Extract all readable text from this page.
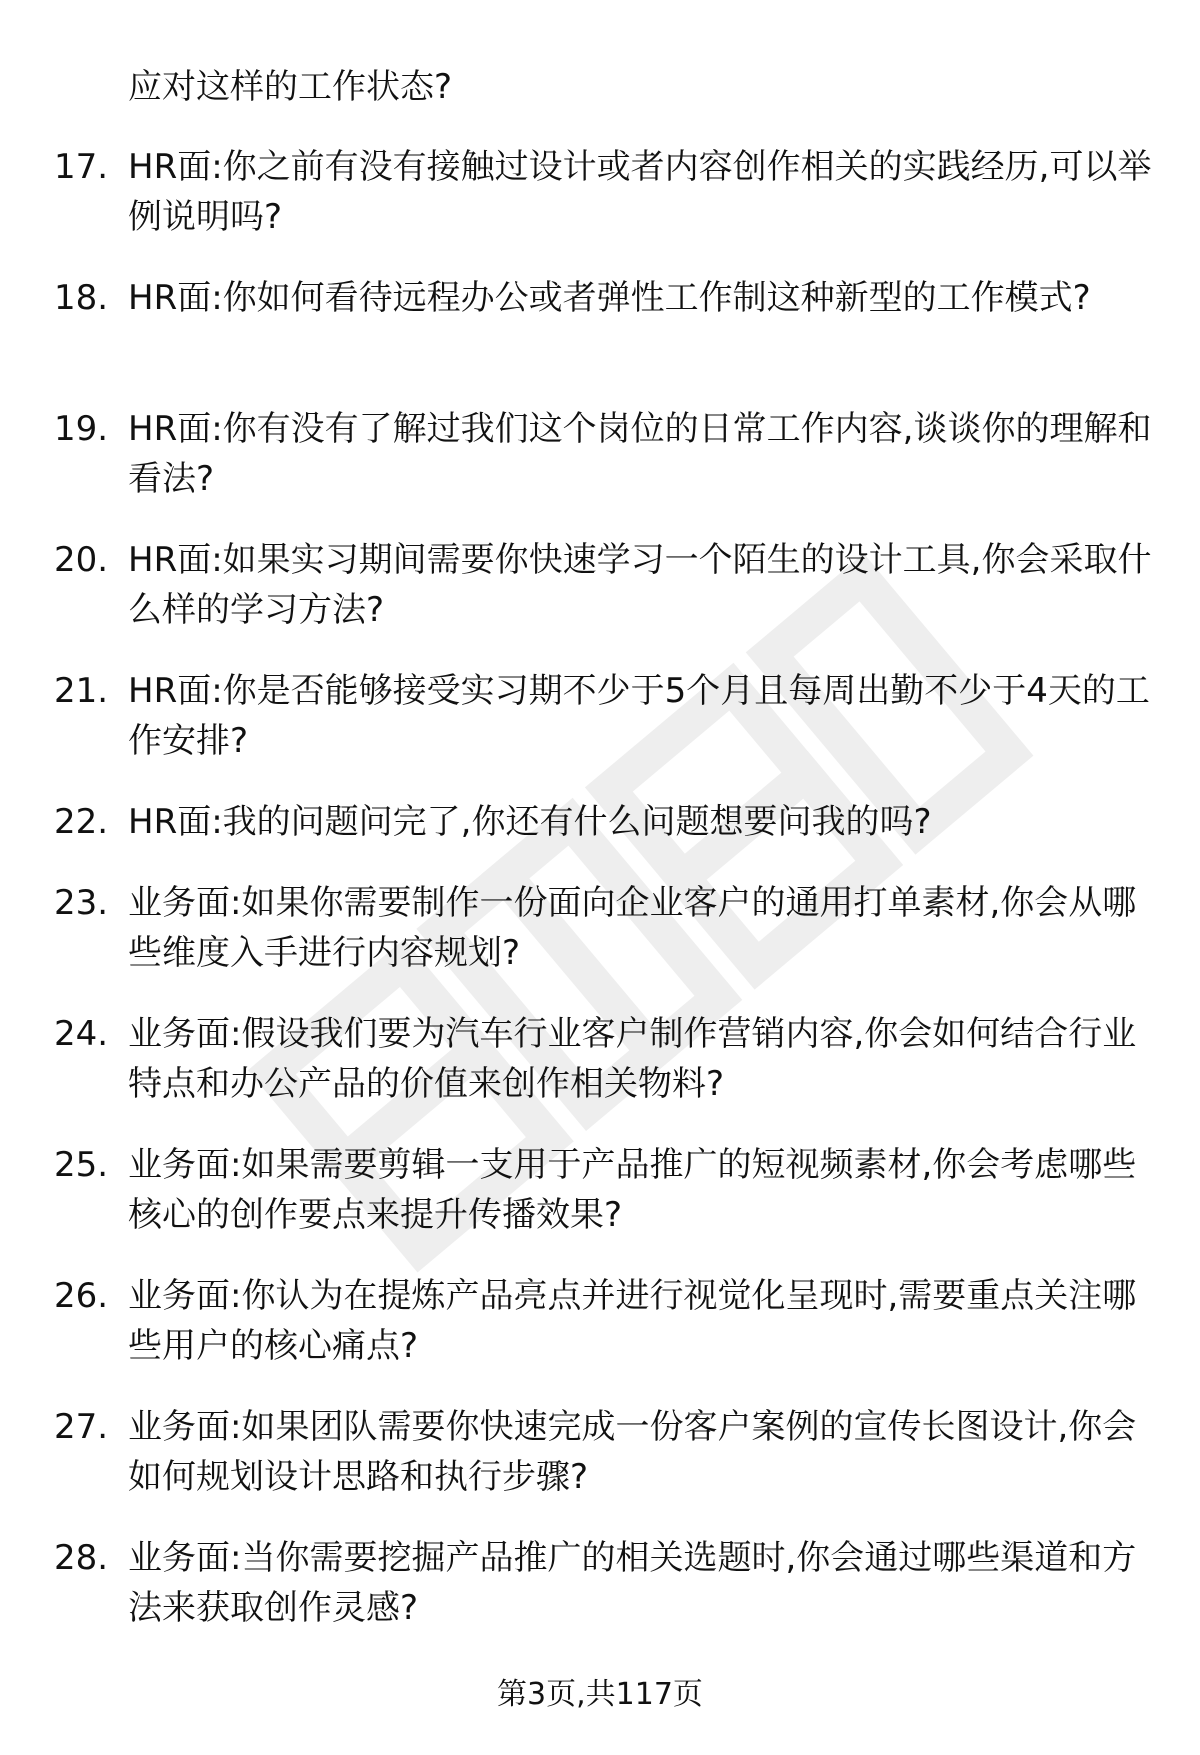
应对这样的工作状态?

17. HR面:你之前有没有接触过设计或者内容创作相关的实践经历,可以举例说明吗?
18. HR面:你如何看待远程办公或者弹性工作制这种新型的工作模式?
19. HR面:你有没有了解过我们这个岗位的日常工作内容,谈谈你的理解和看法?
20. HR面:如果实习期间需要你快速学习一个陌生的设计工具,你会采取什么样的学习方法?
21. HR面:你是否能够接受实习期不少于5个月且每周出勤不少于4天的工作安排?
22. HR面:我的问题问完了,你还有什么问题想要问我的吗?
23. 业务面:如果你需要制作一份面向企业客户的通用打单素材,你会从哪些维度入手进行内容规划?
24. 业务面:假设我们要为汽车行业客户制作营销内容,你会如何结合行业特点和办公产品的价值来创作相关物料?
25. 业务面:如果需要剪辑一支用于产品推广的短视频素材,你会考虑哪些核心的创作要点来提升传播效果?
26. 业务面:你认为在提炼产品亮点并进行视觉化呈现时,需要重点关注哪些用户的核心痛点?
27. 业务面:如果团队需要你快速完成一份客户案例的宣传长图设计,你会如何规划设计思路和执行步骤?
28. 业务面:当你需要挖掘产品推广的相关选题时,你会通过哪些渠道和方法来获取创作灵感?
第3页,共117页
